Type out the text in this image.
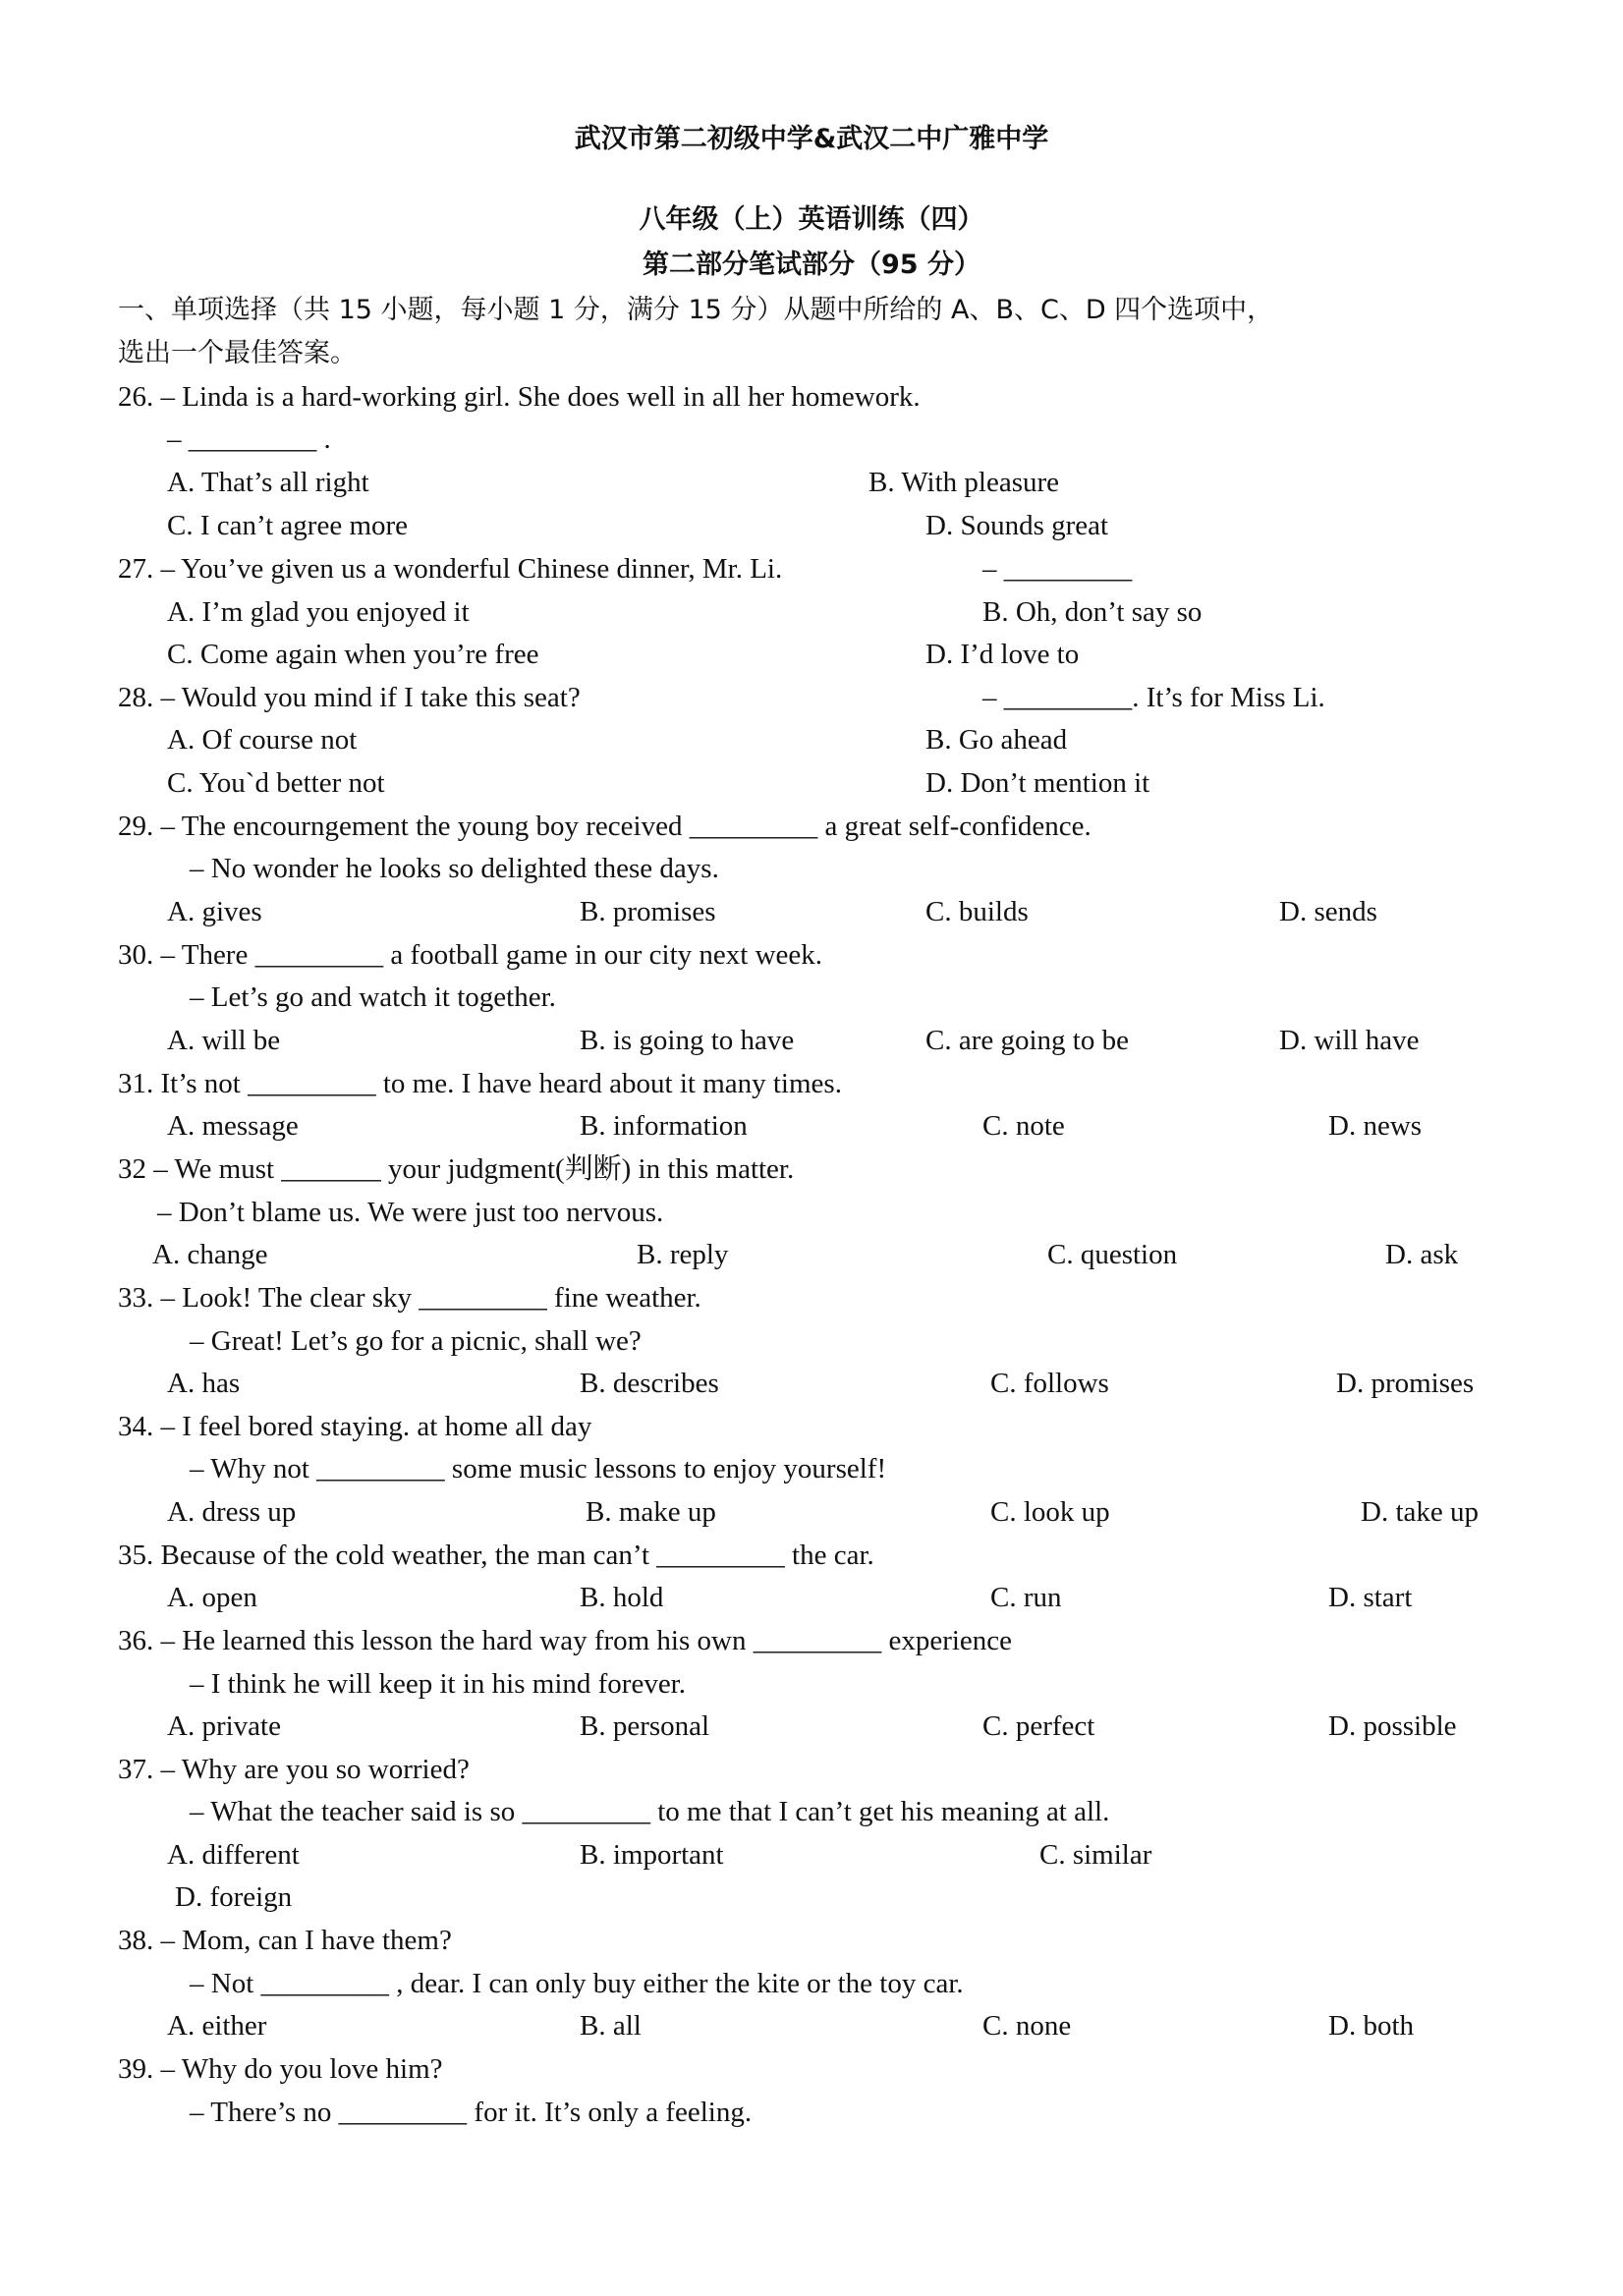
武汉市第二初级中学&武汉二中广雅中学
八年级（上）英语训练（四）
第二部分笔试部分（95 分）
一、单项选择（共 15 小题，每小题 1 分，满分 15 分）从题中所给的 A、B、C、D 四个选项中，
选出一个最佳答案。
26. – Linda is a hard-working girl. She does well in all her homework.
– _________ .
A. That’s all right	B. With pleasure
C. I can’t agree more	D. Sounds great
27. – You’ve given us a wonderful Chinese dinner, Mr. Li.	– _________
A. I’m glad you enjoyed it	B. Oh, don’t say so
C. Come again when you’re free	D. I’d love to
28. – Would you mind if I take this seat?	– _________. It’s for Miss Li.
A. Of course not	B. Go ahead
C. You`d better not	D. Don’t mention it
29. – The encourngement the young boy received _________ a great self-confidence.
– No wonder he looks so delighted these days.
A. gives	B. promises	C. builds	D. sends
30. – There _________ a football game in our city next week.
– Let’s go and watch it together.
A. will be	B. is going to have	C. are going to be	D. will have
31. It’s not _________ to me. I have heard about it many times.
A. message	B. information	C. note	D. news
32 – We must _______ your judgment(判断) in this matter.
– Don’t blame us. We were just too nervous.
A. change	B. reply	C. question	D. ask
33. – Look! The clear sky _________ fine weather.
– Great! Let’s go for a picnic, shall we?
A. has	B. describes	C. follows	D. promises
34. – I feel bored staying. at home all day
– Why not _________ some music lessons to enjoy yourself!
A. dress up	B. make up	C. look up	D. take up
35. Because of the cold weather, the man can’t _________ the car.
A. open	B. hold	C. run	D. start
36. – He learned this lesson the hard way from his own _________ experience
– I think he will keep it in his mind forever.
A. private	B. personal	C. perfect	D. possible
37. – Why are you so worried?
– What the teacher said is so _________ to me that I can’t get his meaning at all.
A. different	B. important	C. similar
D. foreign
38. – Mom, can I have them?
– Not _________ , dear. I can only buy either the kite or the toy car.
A. either	B. all	C. none	D. both
39. – Why do you love him?
– There’s no _________ for it. It’s only a feeling.
